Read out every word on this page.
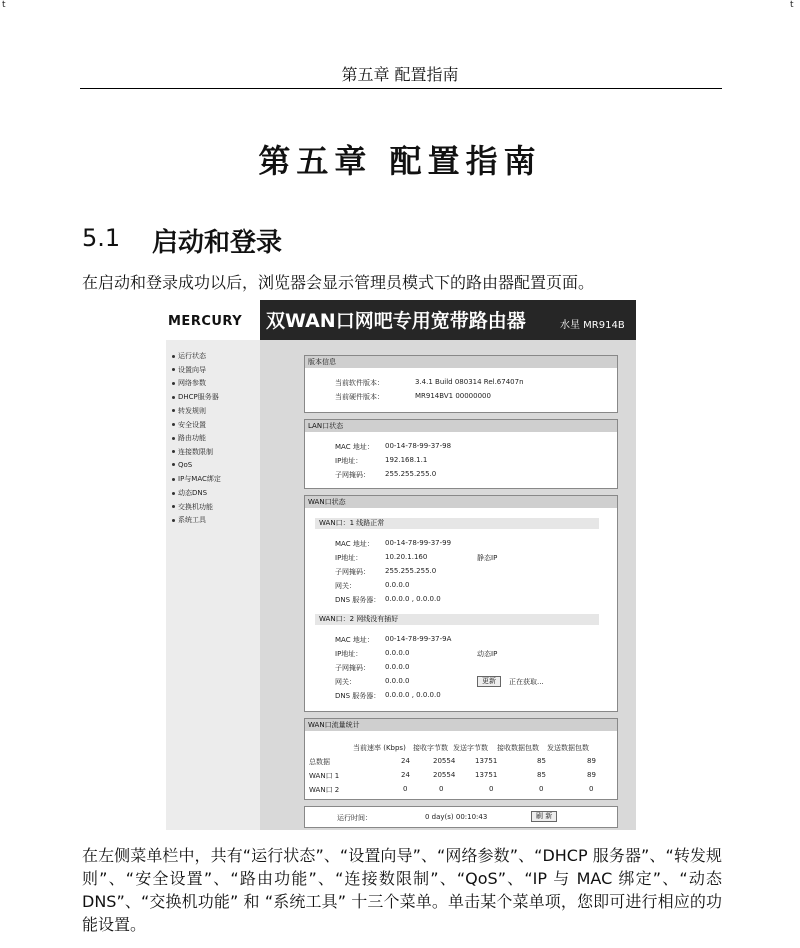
t	t
第五章 配置指南
第五章 配置指南
5.1 启动和登录
在启动和登录成功以后，浏览器会显示管理员模式下的路由器配置页面。
MERCURY 双WAN口网吧专用宽带路由器	水星 MR914B
运行状态
设置向导
网络参数
DHCP服务器
转发规则
安全设置
路由功能
连接数限制
QoS
IP与MAC绑定
动态DNS
交换机功能
系统工具
版本信息
当前软件版本：	3.4.1 Build 080314 Rel.67407n
当前硬件版本：	MR914BV1 00000000
LAN口状态
MAC 地址： 00-14-78-99-37-98
IP地址：	192.168.1.1
子网掩码： 255.255.255.0
WAN口状态
WAN口：1 线路正常
MAC 地址： 00-14-78-99-37-99
IP地址：	10.20.1.160	静态IP
子网掩码： 255.255.255.0
网关：	0.0.0.0
DNS 服务器： 0.0.0.0 , 0.0.0.0
WAN口：2 网线没有插好
MAC 地址： 00-14-78-99-37-9A
IP地址：	0.0.0.0	动态IP
子网掩码： 0.0.0.0
网关：	0.0.0.0	更新	正在获取...
DNS 服务器： 0.0.0.0 , 0.0.0.0
WAN口流量统计
当前速率 (Kbps) 接收字节数 发送字节数 接收数据包数 发送数据包数
总数据	24	20554	13751	85	89
WAN口 1	24	20554	13751	85	89
WAN口 2	0	0	0	0	0
运行时间：	0 day(s) 00:10:43	刷 新
在左侧菜单栏中，共有“运行状态”、“设置向导”、“网络参数”、“DHCP 服务器”、“转发规则”、“安全设置”、“路由功能”、“连接数限制”、“QoS”、“IP 与 MAC 绑定”、“动态 DNS”、“交换机功能” 和 “系统工具” 十三个菜单。单击某个菜单项，您即可进行相应的功能设置。
